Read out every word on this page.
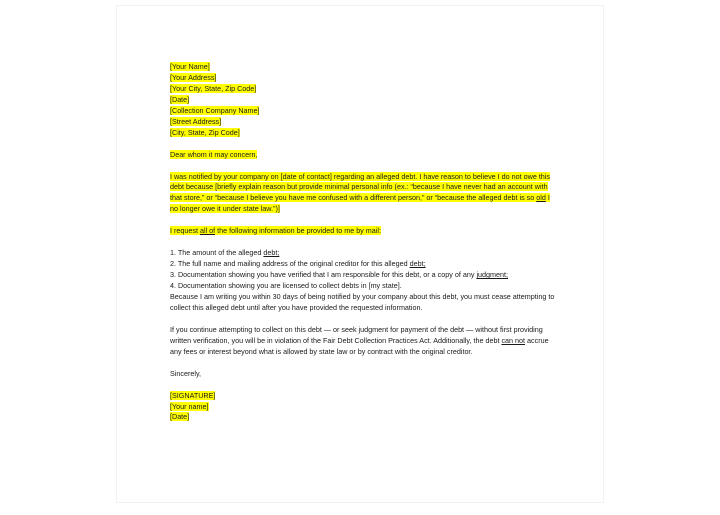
[Your Name]
[Your Address]
[Your City, State, Zip Code]
[Date]
[Collection Company Name]
[Street Address]
[City, State, Zip Code]
Dear whom it may concern,
I was notified by your company on [date of contact] regarding an alleged debt. I have reason to believe I do not owe this debt because [briefly explain reason but provide minimal personal info (ex.: “because I have never had an account with that store,” or “because I believe you have me confused with a different person,” or “because the alleged debt is so old I no longer owe it under state law.”)]
I request all of the following information be provided to me by mail:
1. The amount of the alleged debt;
2. The full name and mailing address of the original creditor for this alleged debt;
3. Documentation showing you have verified that I am responsible for this debt, or a copy of any judgment;
4. Documentation showing you are licensed to collect debts in [my state].
Because I am writing you within 30 days of being notified by your company about this debt, you must cease attempting to collect this alleged debt until after you have provided the requested information.
If you continue attempting to collect on this debt — or seek judgment for payment of the debt — without first providing written verification, you will be in violation of the Fair Debt Collection Practices Act. Additionally, the debt can not accrue any fees or interest beyond what is allowed by state law or by contract with the original creditor.
Sincerely,
[SIGNATURE]
[Your name]
[Date]
